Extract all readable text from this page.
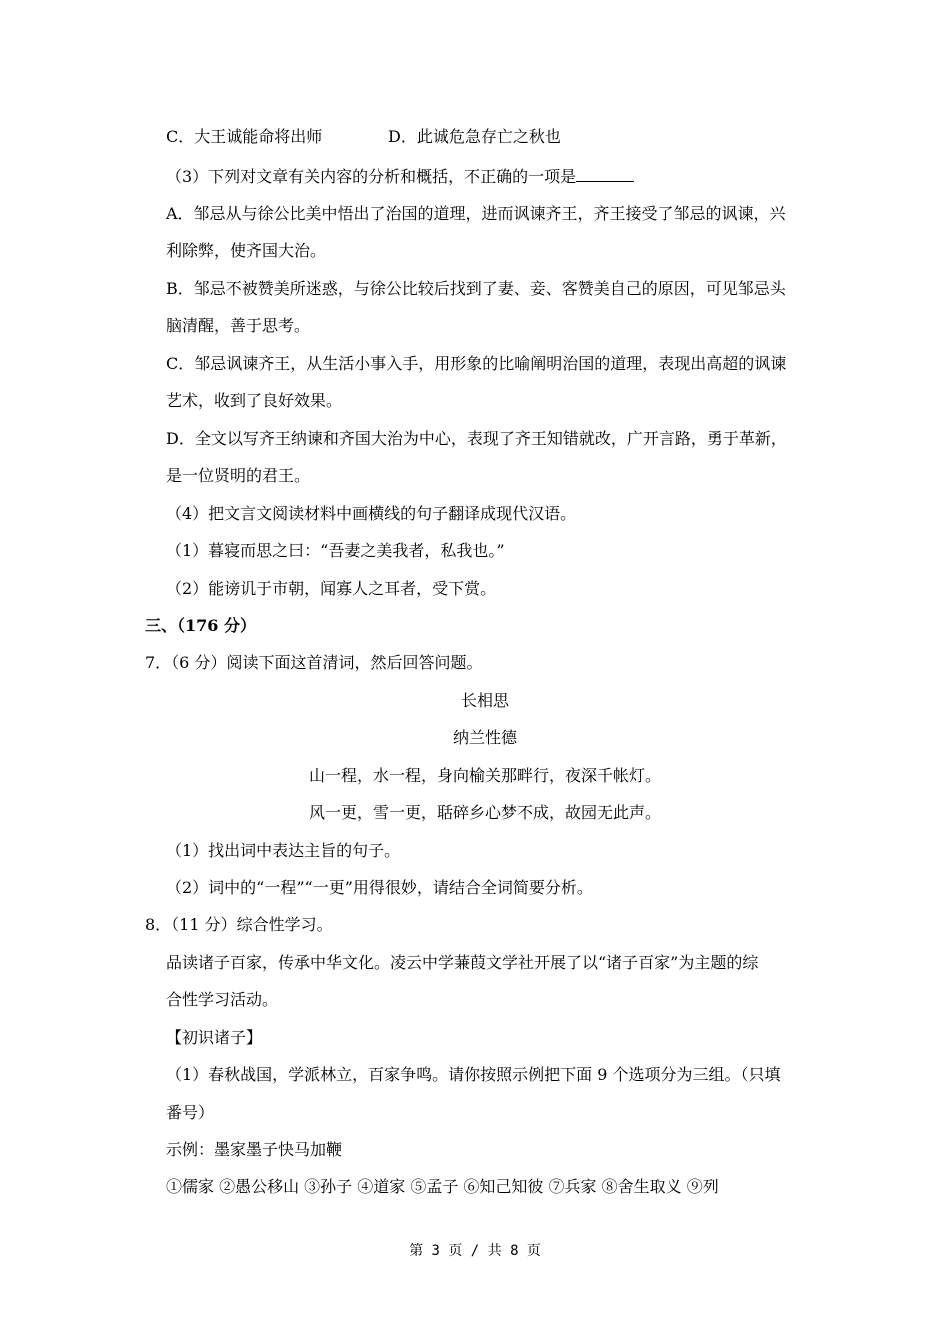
C．大王诚能命将出师	D．此诚危急存亡之秋也
（3）下列对文章有关内容的分析和概括，不正确的一项是
A．邹忌从与徐公比美中悟出了治国的道理，进而讽谏齐王，齐王接受了邹忌的讽谏，兴
利除弊，使齐国大治。
B．邹忌不被赞美所迷惑，与徐公比较后找到了妻、妾、客赞美自己的原因，可见邹忌头
脑清醒，善于思考。
C．邹忌讽谏齐王，从生活小事入手，用形象的比喻阐明治国的道理，表现出高超的讽谏
艺术，收到了良好效果。
D．全文以写齐王纳谏和齐国大治为中心，表现了齐王知错就改，广开言路，勇于革新，
是一位贤明的君王。
（4）把文言文阅读材料中画横线的句子翻译成现代汉语。
（1）暮寝而思之曰：“吾妻之美我者，私我也。”
（2）能谤讥于市朝，闻寡人之耳者，受下赏。
三、（176 分）
7．（6 分）阅读下面这首清词，然后回答问题。
长相思
纳兰性德
山一程，水一程，身向榆关那畔行，夜深千帐灯。
风一更，雪一更，聒碎乡心梦不成，故园无此声。
（1）找出词中表达主旨的句子。
（2）词中的“一程”“一更”用得很妙，请结合全词简要分析。
8．（11 分）综合性学习。
品读诸子百家，传承中华文化。凌云中学蒹葭文学社开展了以“诸子百家”为主题的综
合性学习活动。
【初识诸子】
（1）春秋战国，学派林立，百家争鸣。请你按照示例把下面 9 个选项分为三组。（只填
番号）
示例：墨家墨子快马加鞭
①儒家 ②愚公移山 ③孙子 ④道家 ⑤孟子 ⑥知己知彼 ⑦兵家 ⑧舍生取义 ⑨列
第 3 页 / 共 8 页
